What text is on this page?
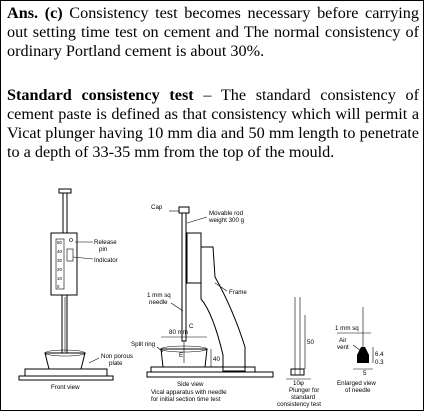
Ans. (c) Consistency test becomes necessary before carrying out setting time test on cement and The normal consistency of ordinary Portland cement is about 30%.
Standard consistency test – The standard consistency of cement paste is defined as that consistency which will permit a Vicat plunger having 10 mm dia and 50 mm length to penetrate to a depth of 33-35 mm from the top of the mould.
50
40
30
20
10
0
Release
pin
Indicator
Non porous
plate
Front view
Cap
Movable rod
weight 300 g
Frame
1 mm sq
needle
C
Split ring
80 mm
E
40
Side view
Vical apparatus with needle
for initial section time test
50
10φ
Plunger for
standard
consistency test
1 mm sq
Air
vent
6.4
0.3
5
Enlarged view
of needle
